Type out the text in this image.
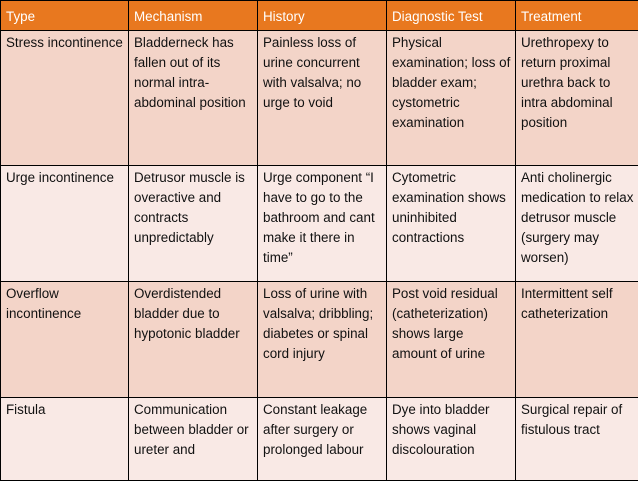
Type	Mechanism	History	Diagnostic Test	Treatment
Stress incontinence	Bladderneck has fallen out of its normal intra-abdominal position	Painless loss of urine concurrent with valsalva; no urge to void	Physical examination; loss of bladder exam; cystometric examination	Urethropexy to return proximal urethra back to intra abdominal position
Urge incontinence	Detrusor muscle is overactive and contracts unpredictably	Urge component “I have to go to the bathroom and cant make it there in time”	Cytometric examination shows uninhibited contractions	Anti cholinergic medication to relax detrusor muscle (surgery may worsen)
Overflow incontinence	Overdistended bladder due to hypotonic bladder	Loss of urine with valsalva; dribbling; diabetes or spinal cord injury	Post void residual (catheterization) shows large amount of urine	Intermittent self catheterization
Fistula	Communication between bladder or ureter and	Constant leakage after surgery or prolonged labour	Dye into bladder shows vaginal discolouration	Surgical repair of fistulous tract
